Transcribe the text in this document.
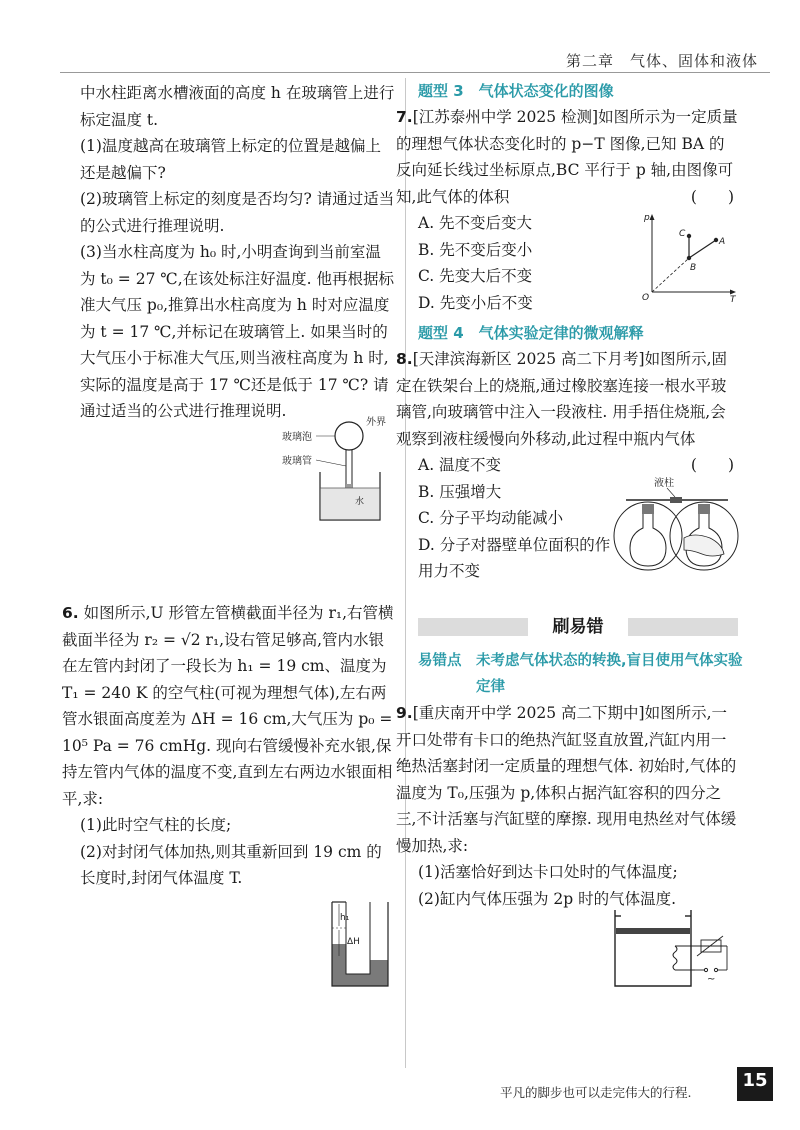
第二章　气体、固体和液体

中水柱距离水槽液面的高度 h 在玻璃管上进行标定温度 t.

(1)温度越高在玻璃管上标定的位置是越偏上还是越偏下?

(2)玻璃管上标定的刻度是否均匀? 请通过适当的公式进行推理说明.

(3)当水柱高度为 h₀ 时,小明查询到当前室温为 t₀ = 27 ℃,在该处标注好温度. 他再根据标准大气压 p₀,推算出水柱高度为 h 时对应温度为 t = 17 ℃,并标记在玻璃管上. 如果当时的大气压小于标准大气压,则当液柱高度为 h 时,实际的温度是高于 17 ℃还是低于 17 ℃? 请通过适当的公式进行推理说明.

玻璃泡
玻璃管
外界
水

6. 如图所示,U 形管左管横截面半径为 r₁,右管横截面半径为 r₂ = √2 r₁,设右管足够高,管内水银在左管内封闭了一段长为 h₁ = 19 cm、温度为 T₁ = 240 K 的空气柱(可视为理想气体),左右两管水银面高度差为 ΔH = 16 cm,大气压为 p₀ = 10⁵ Pa = 76 cmHg. 现向右管缓慢补充水银,保持左管内气体的温度不变,直到左右两边水银面相平,求:

(1)此时空气柱的长度;

(2)对封闭气体加热,则其重新回到 19 cm 的长度时,封闭气体温度 T.

h₁
ΔH

题型 3　气体状态变化的图像

7.[江苏泰州中学 2025 检测]如图所示为一定质量的理想气体状态变化时的 p−T 图像,已知 BA 的反向延长线过坐标原点,BC 平行于 p 轴,由图像可知,此气体的体积	(　　)

A. 先不变后变大

B. 先不变后变小

C. 先变大后不变

D. 先变小后不变

p
T
O
A
B
C

题型 4　气体实验定律的微观解释

8.[天津滨海新区 2025 高二下月考]如图所示,固定在铁架台上的烧瓶,通过橡胶塞连接一根水平玻璃管,向玻璃管中注入一段液柱. 用手捂住烧瓶,会观察到液柱缓慢向外移动,此过程中瓶内气体
(　　)

A. 温度不变

B. 压强增大

C. 分子平均动能减小

D. 分子对器壁单位面积的作用力不变

液柱
刷易错
易错点	未考虑气体状态的转换,盲目使用气体实验定律

9.[重庆南开中学 2025 高二下期中]如图所示,一开口处带有卡口的绝热汽缸竖直放置,汽缸内用一绝热活塞封闭一定质量的理想气体. 初始时,气体的温度为 T₀,压强为 p,体积占据汽缸容积的四分之三,不计活塞与汽缸壁的摩擦. 现用电热丝对气体缓慢加热,求:

(1)活塞恰好到达卡口处时的气体温度;

(2)缸内气体压强为 2p 时的气体温度.

~
平凡的脚步也可以走完伟大的行程.
15
